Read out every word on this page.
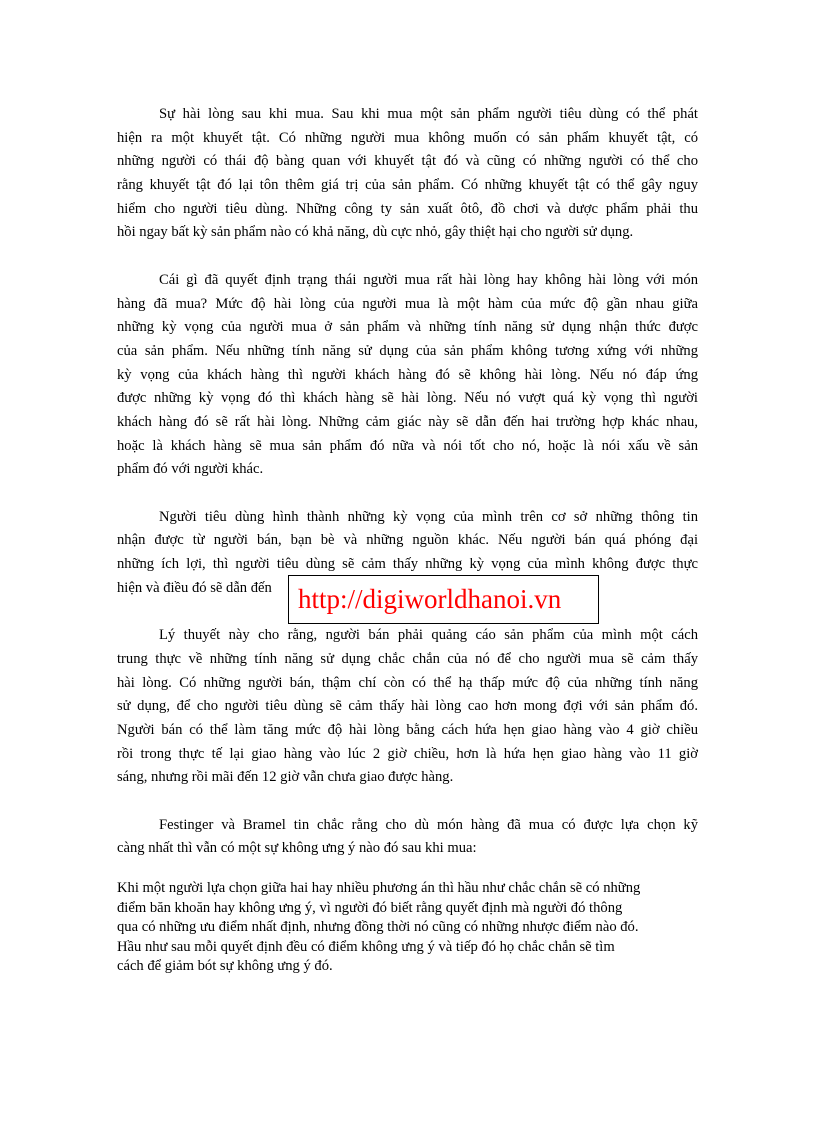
Sự hài lòng sau khi mua. Sau khi mua một sản phẩm người tiêu dùng có thể phát
hiện ra một khuyết tật. Có những người mua không muốn có sản phẩm khuyết tật, có
những người có thái độ bàng quan với khuyết tật đó và cũng có những người có thể cho
rằng khuyết tật đó lại tôn thêm giá trị của sản phẩm. Có những khuyết tật có thể gây nguy
hiểm cho người tiêu dùng. Những công ty sản xuất ôtô, đồ chơi và dược phẩm phải thu
hồi ngay bất kỳ sản phẩm nào có khả năng, dù cực nhỏ, gây thiệt hại cho người sử dụng.
Cái gì đã quyết định trạng thái người mua rất hài lòng hay không hài lòng với món
hàng đã mua? Mức độ hài lòng của người mua là một hàm của mức độ gần nhau giữa
những kỳ vọng của người mua ở sản phẩm và những tính năng sử dụng nhận thức được
của sản phẩm. Nếu những tính năng sử dụng của sản phẩm không tương xứng với những
kỳ vọng của khách hàng thì người khách hàng đó sẽ không hài lòng. Nếu nó đáp ứng
được những kỳ vọng đó thì khách hàng sẽ hài lòng. Nếu nó vượt quá kỳ vọng thì người
khách hàng đó sẽ rất hài lòng. Những cảm giác này sẽ dẫn đến hai trường hợp khác nhau,
hoặc là khách hàng sẽ mua sản phẩm đó nữa và nói tốt cho nó, hoặc là nói xấu về sản
phẩm đó với người khác.
Người tiêu dùng hình thành những kỳ vọng của mình trên cơ sở những thông tin
nhận được từ người bán, bạn bè và những nguồn khác. Nếu người bán quá phóng đại
những ích lợi, thì người tiêu dùng sẽ cảm thấy những kỳ vọng của mình không được thực
hiện và điều đó sẽ dẫn đến
Lý thuyết này cho rằng, người bán phải quảng cáo sản phẩm của mình một cách
trung thực về những tính năng sử dụng chắc chắn của nó để cho người mua sẽ cảm thấy
hài lòng. Có những người bán, thậm chí còn có thể hạ thấp mức độ của những tính năng
sử dụng, để cho người tiêu dùng sẽ cảm thấy hài lòng cao hơn mong đợi với sản phẩm đó.
Người bán có thể làm tăng mức độ hài lòng bằng cách hứa hẹn giao hàng vào 4 giờ chiều
rồi trong thực tế lại giao hàng vào lúc 2 giờ chiều, hơn là hứa hẹn giao hàng vào 11 giờ
sáng, nhưng rồi mãi đến 12 giờ vẫn chưa giao được hàng.
Festinger và Bramel tin chắc rằng cho dù món hàng đã mua có được lựa chọn kỹ
càng nhất thì vẫn có một sự không ưng ý nào đó sau khi mua:
Khi một người lựa chọn giữa hai hay nhiều phương án thì hầu như chắc chắn sẽ có những
điểm băn khoăn hay không ưng ý, vì người đó biết rằng quyết định mà người đó thông
qua có những ưu điểm nhất định, nhưng đồng thời nó cũng có những nhược điểm nào đó.
Hầu như sau mỗi quyết định đều có điểm không ưng ý và tiếp đó họ chắc chắn sẽ tìm
cách để giảm bót sự không ưng ý đó.
http://digiworldhanoi.vn
